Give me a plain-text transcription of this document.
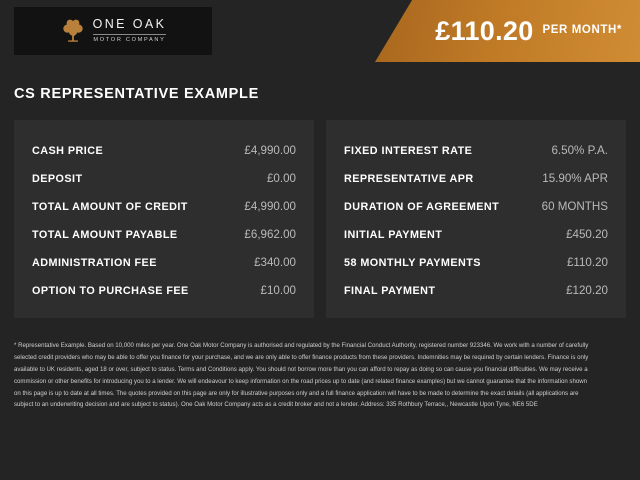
ONE OAK
MOTOR COMPANY	£110.20 PER MONTH*
CS REPRESENTATIVE EXAMPLE
CASH PRICE	£4,990.00
DEPOSIT	£0.00
TOTAL AMOUNT OF CREDIT	£4,990.00
TOTAL AMOUNT PAYABLE	£6,962.00
ADMINISTRATION FEE	£340.00
OPTION TO PURCHASE FEE	£10.00
FIXED INTEREST RATE	6.50% P.A.
REPRESENTATIVE APR	15.90% APR
DURATION OF AGREEMENT	60 MONTHS
INITIAL PAYMENT	£450.20
58 MONTHLY PAYMENTS	£110.20
FINAL PAYMENT	£120.20
* Representative Example. Based on 10,000 miles per year. One Oak Motor Company is authorised and regulated by the Financial Conduct Authority, registered number 923346. We work with a number of carefully selected credit providers who may be able to offer you finance for your purchase, and we are only able to offer finance products from these providers. Indemnities may be required by certain lenders. Finance is only available to UK residents, aged 18 or over, subject to status. Terms and Conditions apply. You should not borrow more than you can afford to repay as doing so can cause you financial difficulties. We may receive a commission or other benefits for introducing you to a lender. We will endeavour to keep information on the road prices up to date (and related finance examples) but we cannot guarantee that the information shown on this page is up to date at all times. The quotes provided on this page are only for illustrative purposes only and a full finance application will have to be made to determine the exact details (all applications are subject to an underwriting decision and are subject to status). One Oak Motor Company acts as a credit broker and not a lender. Address: 335 Rothbury Terrace,, Newcastle Upon Tyne, NE6 5DE
